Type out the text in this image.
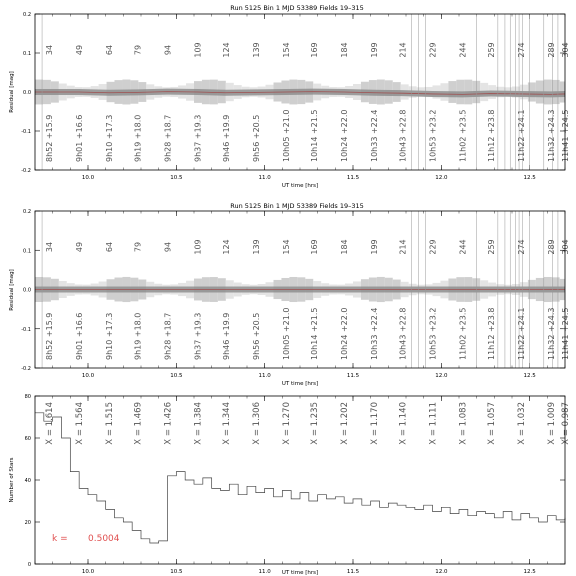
Run 5125 Bin 1 MJD 53389 Fields 19–315
10.0	10.5	11.0	11.5	12.0	12.5
-0.2
-0.1
0.0
0.1
0.2
34	49	64 79	94	109 124	139	154 169	184	199 214	229	244 259	274	289 304
8h52 +15.9	9h01 +16.6	9h10 +17.3 9h19 +18.0	9h28 +18.7	9h37 +19.3 9h46 +19.9	9h56 +20.5	10h05 +21.0 10h14 +21.5	10h24 +22.0	10h33 +22.4 10h43 +22.8	10h53 +23.2	11h02 +23.5 11h12 +23.8	11h22 +24.1	11h32 +24.3 11h41 +24.5
Residual [mag]
UT time [hrs]
Run 5125 Bin 1 MJD 53389 Fields 19–315
10.0	10.5	11.0	11.5	12.0	12.5
-0.2
-0.1
0.0
0.1
0.2
34	49	64 79	94	109 124	139	154 169	184	199 214	229	244 259	274	289 304
8h52 +15.9	9h01 +16.6	9h10 +17.3 9h19 +18.0	9h28 +18.7	9h37 +19.3 9h46 +19.9	9h56 +20.5	10h05 +21.0 10h14 +21.5	10h24 +22.0	10h33 +22.4 10h43 +22.8	10h53 +23.2	11h02 +23.5 11h12 +23.8	11h22 +24.1	11h32 +24.3 11h41 +24.5
Residual [mag]
UT time [hrs]
10.0	10.5	11.0	11.5	12.0	12.5
0
20
40
60
80
X = 1.614 X = 1.564 X = 1.515 X = 1.469 X = 1.426 X = 1.384 X = 1.344 X = 1.306 X = 1.270 X = 1.235 X = 1.202 X = 1.170 X = 1.140 X = 1.111 X = 1.083 X = 1.057 X = 1.032 X = 1.009 X = 0.987
Number of Stars
UT time [hrs]
k = 0.5004
